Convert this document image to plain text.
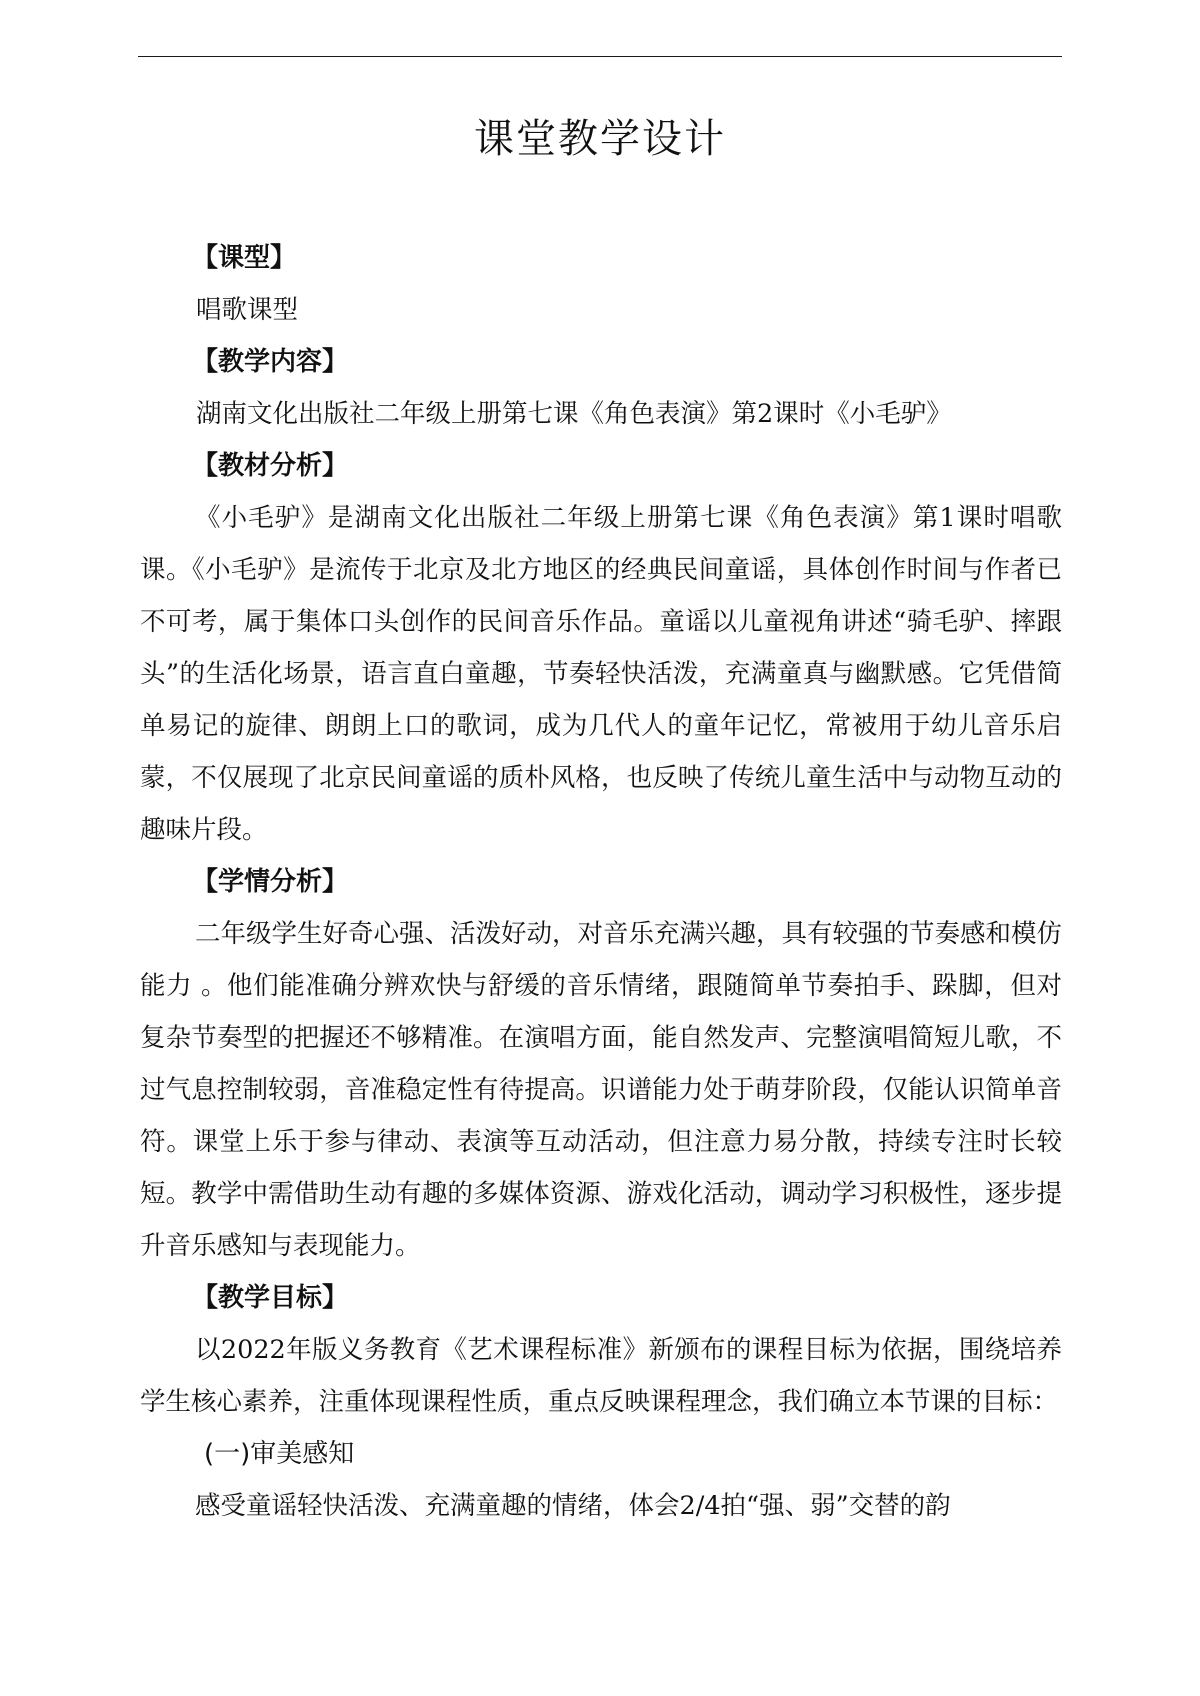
课堂教学设计
【课型】

唱歌课型

【教学内容】

湖南文化出版社二年级上册第七课《角色表演》第2课时《小毛驴》

【教材分析】

《小毛驴》是湖南文化出版社二年级上册第七课《角色表演》第1课时唱歌课。《小毛驴》是流传于北京及北方地区的经典民间童谣，具体创作时间与作者已不可考，属于集体口头创作的民间音乐作品。童谣以儿童视角讲述“骑毛驴、摔跟头”的生活化场景，语言直白童趣，节奏轻快活泼，充满童真与幽默感。它凭借简单易记的旋律、朗朗上口的歌词，成为几代人的童年记忆，常被用于幼儿音乐启蒙，不仅展现了北京民间童谣的质朴风格，也反映了传统儿童生活中与动物互动的趣味片段。

【学情分析】

二年级学生好奇心强、活泼好动，对音乐充满兴趣，具有较强的节奏感和模仿能力 。他们能准确分辨欢快与舒缓的音乐情绪，跟随简单节奏拍手、跺脚，但对复杂节奏型的把握还不够精准。在演唱方面，能自然发声、完整演唱简短儿歌，不过气息控制较弱，音准稳定性有待提高。识谱能力处于萌芽阶段，仅能认识简单音符。课堂上乐于参与律动、表演等互动活动，但注意力易分散，持续专注时长较短。教学中需借助生动有趣的多媒体资源、游戏化活动，调动学习积极性，逐步提升音乐感知与表现能力。

【教学目标】

以2022年版义务教育《艺术课程标准》新颁布的课程目标为依据，围绕培养学生核心素养，注重体现课程性质，重点反映课程理念，我们确立本节课的目标：

(一)审美感知

感受童谣轻快活泼、充满童趣的情绪，体会2/4拍“强、弱”交替的韵
